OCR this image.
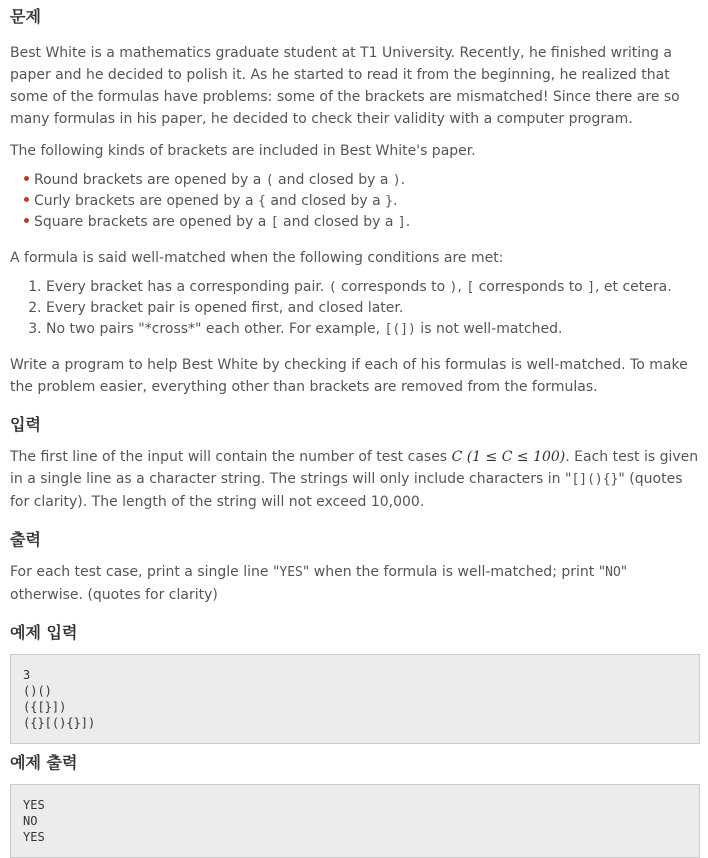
문제

Best White is a mathematics graduate student at T1 University. Recently, he finished writing a paper and he decided to polish it. As he started to read it from the beginning, he realized that some of the formulas have problems: some of the brackets are mismatched! Since there are so many formulas in his paper, he decided to check their validity with a computer program.

The following kinds of brackets are included in Best White's paper.

Round brackets are opened by a ( and closed by a ).
Curly brackets are opened by a { and closed by a }.
Square brackets are opened by a [ and closed by a ].

A formula is said well-matched when the following conditions are met:

1. Every bracket has a corresponding pair. ( corresponds to ), [ corresponds to ], et cetera.
2. Every bracket pair is opened first, and closed later.
3. No two pairs "*cross*" each other. For example, [(]) is not well-matched.

Write a program to help Best White by checking if each of his formulas is well-matched. To make the problem easier, everything other than brackets are removed from the formulas.

입력

The first line of the input will contain the number of test cases C (1 ≤ C ≤ 100). Each test is given in a single line as a character string. The strings will only include characters in "[](){}" (quotes for clarity). The length of the string will not exceed 10,000.

출력

For each test case, print a single line "YES" when the formula is well-matched; print "NO" otherwise. (quotes for clarity)

예제 입력
3
()()
({[}])
({}[(){}])
예제 출력
YES
NO
YES
